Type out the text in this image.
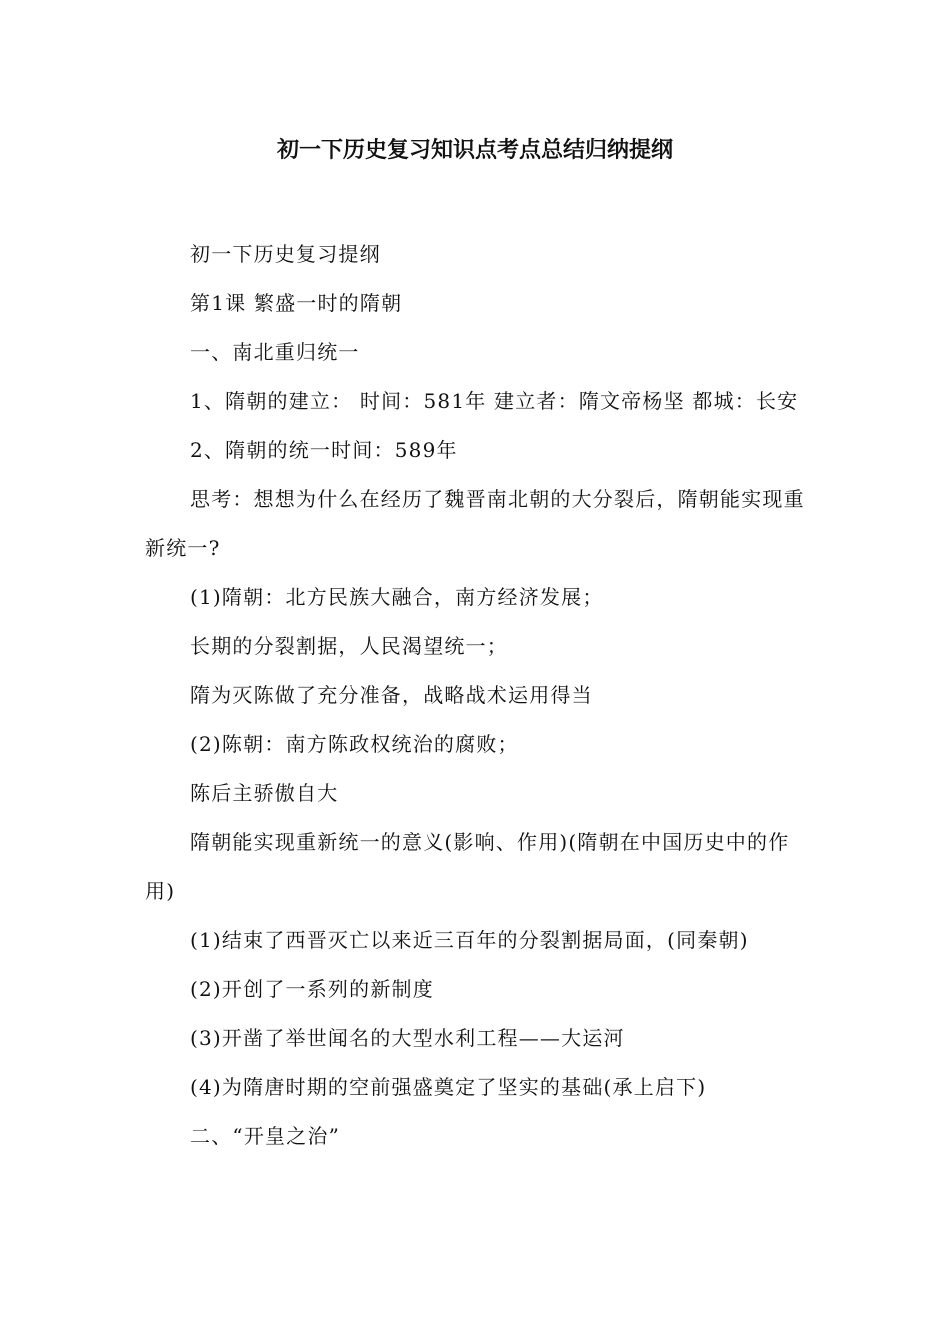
初一下历史复习知识点考点总结归纳提纲

初一下历史复习提纲

第1课 繁盛一时的隋朝

一、南北重归统一

1、隋朝的建立： 时间：581年 建立者：隋文帝杨坚 都城：长安

2、隋朝的统一时间：589年

思考：想想为什么在经历了魏晋南北朝的大分裂后，隋朝能实现重新统一?

(1)隋朝：北方民族大融合，南方经济发展；

长期的分裂割据，人民渴望统一；

隋为灭陈做了充分准备，战略战术运用得当

(2)陈朝：南方陈政权统治的腐败；

陈后主骄傲自大

隋朝能实现重新统一的意义(影响、作用)(隋朝在中国历史中的作用)

(1)结束了西晋灭亡以来近三百年的分裂割据局面，(同秦朝)

(2)开创了一系列的新制度

(3)开凿了举世闻名的大型水利工程——大运河

(4)为隋唐时期的空前强盛奠定了坚实的基础(承上启下)

二、“开皇之治”
